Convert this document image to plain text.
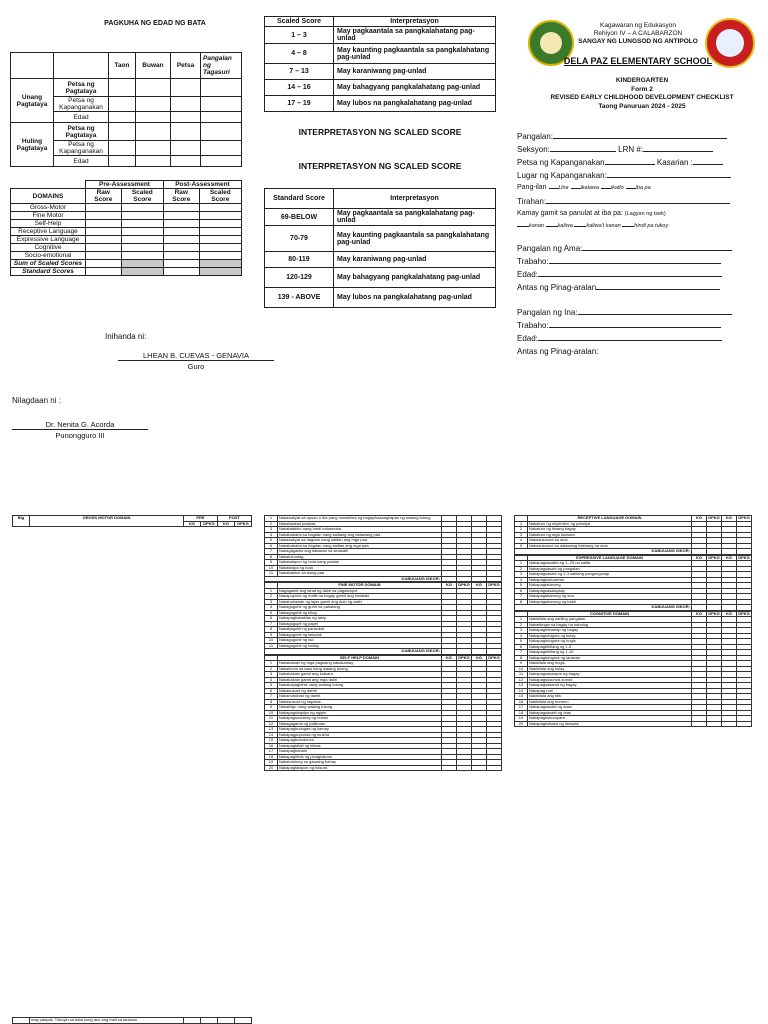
PAGKUHA NG EDAD NG BATA
		Taon	Buwan	Petsa	Pangalan ng Tagasuri
Unang Pagtataya	Petsa ng Pagtataya				
	Petsa ng Kapanganakan				
	Edad				
Huling Pagtataya	Petsa ng Pagtataya				
	Petsa ng Kapanganakan				
	Edad				
	Pre-Assessment		Post-Assessment	
DOMAINS	Raw Score	Scaled Score	Raw Score	Scaled Score
Gross-Motor				
Fine Motor				
Self-Help				
Receptive Language				
Expressive Language				
Cognitive				
Socio-emotional				
Sum of Scaled Scores				
Standard Scores				
Inihanda ni:
LHEAN B. CUEVAS - GENAVIA
Guro
Nilagdaan ni :
Dr. Nenita G. Acorda
Punongguro III
Scaled Score	Interpretasyon
1 – 3	May pagkaantala sa pangkalahatang pag-unlad
4 – 8	May kaunting pagkaantala sa pangkalahatang pag-unlad
7 – 13	May karaniwang pag-unlad
14 – 16	May bahagyang pangkalahatang pag-unlad
17 – 19	May lubos na pangkalahatang pag-unlad
INTERPRETASYON NG SCALED SCORE
INTERPRETASYON NG SCALED SCORE
Standard Score	Interpretasyon
69-BELOW	May pagkaantala sa pangkalahatang pag-unlad
70-79	May kaunting pagkaantala sa pangkalahatang pag-unlad
80-119	May karaniwang pag-unlad
120-129	May bahagyang pangkalahatang pag-unlad
139 - ABOVE	May lubos na pangkalahatang pag-unlad
Kagawaran ng Edukasyon
Rehiyon IV – A CALABARZON
SANGAY NG LUNGSOD NG ANTIPOLO
DELA PAZ ELEMENTARY SCHOOL
KINDERGARTEN
Form 2
REVISED EARLY CHILDHOOD DEVELOPMENT CHECKLIST
Taong Panuruan 2024 - 2025
Pangalan:
Seksyon:	LRN #:
Petsa ng Kapanganakan	Kasarian :
Lugar ng Kapanganakan:
Pang-ilan Una ikalawa ikatlo iba pa
Tirahan:
Kamay gamit sa panulat at iba pa: (Lagyan ng tsek)
kanan kaliwa kaliwa't kanan hindi pa tukoy
Pangalan ng Ama:
Trabaho:
Edad:
Antas ng Pinag-aralan
Pangalan ng Ina:
Trabaho:
Edad:
Antas ng Pinag-aralan:
Blg	GROSS MOTOR DOMAIN	PRE		POST	
		KG	DPKG	KG	DPKG
1	Nakaaakyat sa upuan o iba pang muwebles ng bagay/kasangkapan ng walang tulong				
2	Nakalalakad paatras				
3	Nakatatakbo nang hindi natutumba				
4	Nakabababa sa hagdan nang salitang ang dalawang paa				
5	Nakaaakyat sa hagdan nang salitan ang mga paa				
6	Nakabababa sa hagdan nang salitan ang mga paa				
7	Nakagagalaw ang katawan sa sinasabi				
8	Nakalulundag				
9	Nakatatapon ng bola nang pataas				
10	Nakasisipa ng bola				
11	Nakatatalon sa isang paa				
KABUUANG ISKOR:					
	FINE MOTOR DOMAIN	KG	DPKG	KG	DPKG
1	Nagagamit ang lahat ng daliri sa pagdampot				
2	Nakapupulot ng maliit na bagay gamit ang hinlalaki				
3	Nakahahawak ng lapis gamit ang dulo ng daliri				
4	Nakaguguhit ng guhit na pahalang				
5	Nakaguguhit ng bilog				
6	Nakapagbabaklas ng takip				
7	Nakagugupit ng papel				
8	Nakakaguhit ng parisukat				
9	Nakaguguhit ng tatsulok				
10	Nakaguguhit ng tao				
11	Nakaguguhit ng bahay				
KABUUANG ISKOR:					
	SELF HELP DOMAIN	KG	DPKG	KG	DPKG
1	Nakakakain ng mga pagkaing nakakamay				
2	Nakaiinom sa tasa nang walang tulong				
3	Nakakakain gamit ang kutsara				
4	Nakakakain gamit ang mga daliri				
5	Nakakapagbihis nang walang tulong				
6	Nakasusuot ng damit				
7	Nakahuhubad ng damit				
8	Nakasusuot ng sapatos				
9	Nakaliligo nang walang tulong				
10	Nakapagsisipilyo ng ngipin				
11	Nakapagsusuklay ng buhok				
12	Nakagagamit ng palikuran				
13	Nakapaghuhugas ng kamay				
14	Nakapagpupunas ng mukha				
15	Nakapagbubutones				
16	Nakapagtatali ng sintas				
17	Nakapaghahain				
18	Nakapaglilinis ng pinagkainan				
19	Nakatutulong sa gawaing bahay				
20	Nakapagtatapon ng basura				
	RECEPTIVE LANGUAGE DOMAIN	KG	DPKG	KG	DPKG
1	Nakaturo ng miyembro ng pamilya				
2	Nakaturo ng limang bagay				
3	Nakaturo ng mga larawan				
4	Nakasusunod sa utos				
5	Nakasusunod sa dalawang hakbang na utos				
KABUUANG ISKOR:					
	EXPRESSIVE LANGUAGE DOMAIN	KG	DPKG	KG	DPKG
1	Nakapagsasalita ng 1–20 na salita				
2	Nakapagsasabi ng pangalan				
3	Nakapagsasabi ng 2-3 salitang pangungusap				
4	Nakapagkukuwento				
5	Nakapagtatanong				
6	Nakapagsasalaysay				
7	Nakapagtatanong ng ano				
8	Nakapagtatanong ng bakit				
KABUUANG ISKOR:					
	COGNITIVE DOMAIN	KG	DPKG	KG	DPKG
1	Nakikilala ang sariling pangalan				
2	Nakatitingin sa bagay na nahulog				
3	Nakapaghahanap ng bagay				
4	Nakapagtutugma ng kulay				
5	Nakapagtutugma ng hugis				
6	Nakapagbibilang ng 1-5				
7	Nakapagbibilang ng 1-10				
8	Nakapagtutugma ng larawan				
9	Nakikilala ang hugis				
10	Nakikilala ang kulay				
11	Nakapagsasaayos ng bagay				
12	Nakapagsusunod-sunod				
13	Nakapagsasama ng bagay				
14	Nakapag-uuri				
15	Nakikilala ang titik				
16	Nakikilala ang numero				
17	Nakapagsasabi ng araw				
18	Nakapagsasabi ng oras				
19	Nakapagkukumpara				
20	Nakapagbabasa ng larawan				
	may pakpak. Tukuyin sa bata kung ano ang mali sa larawan				
